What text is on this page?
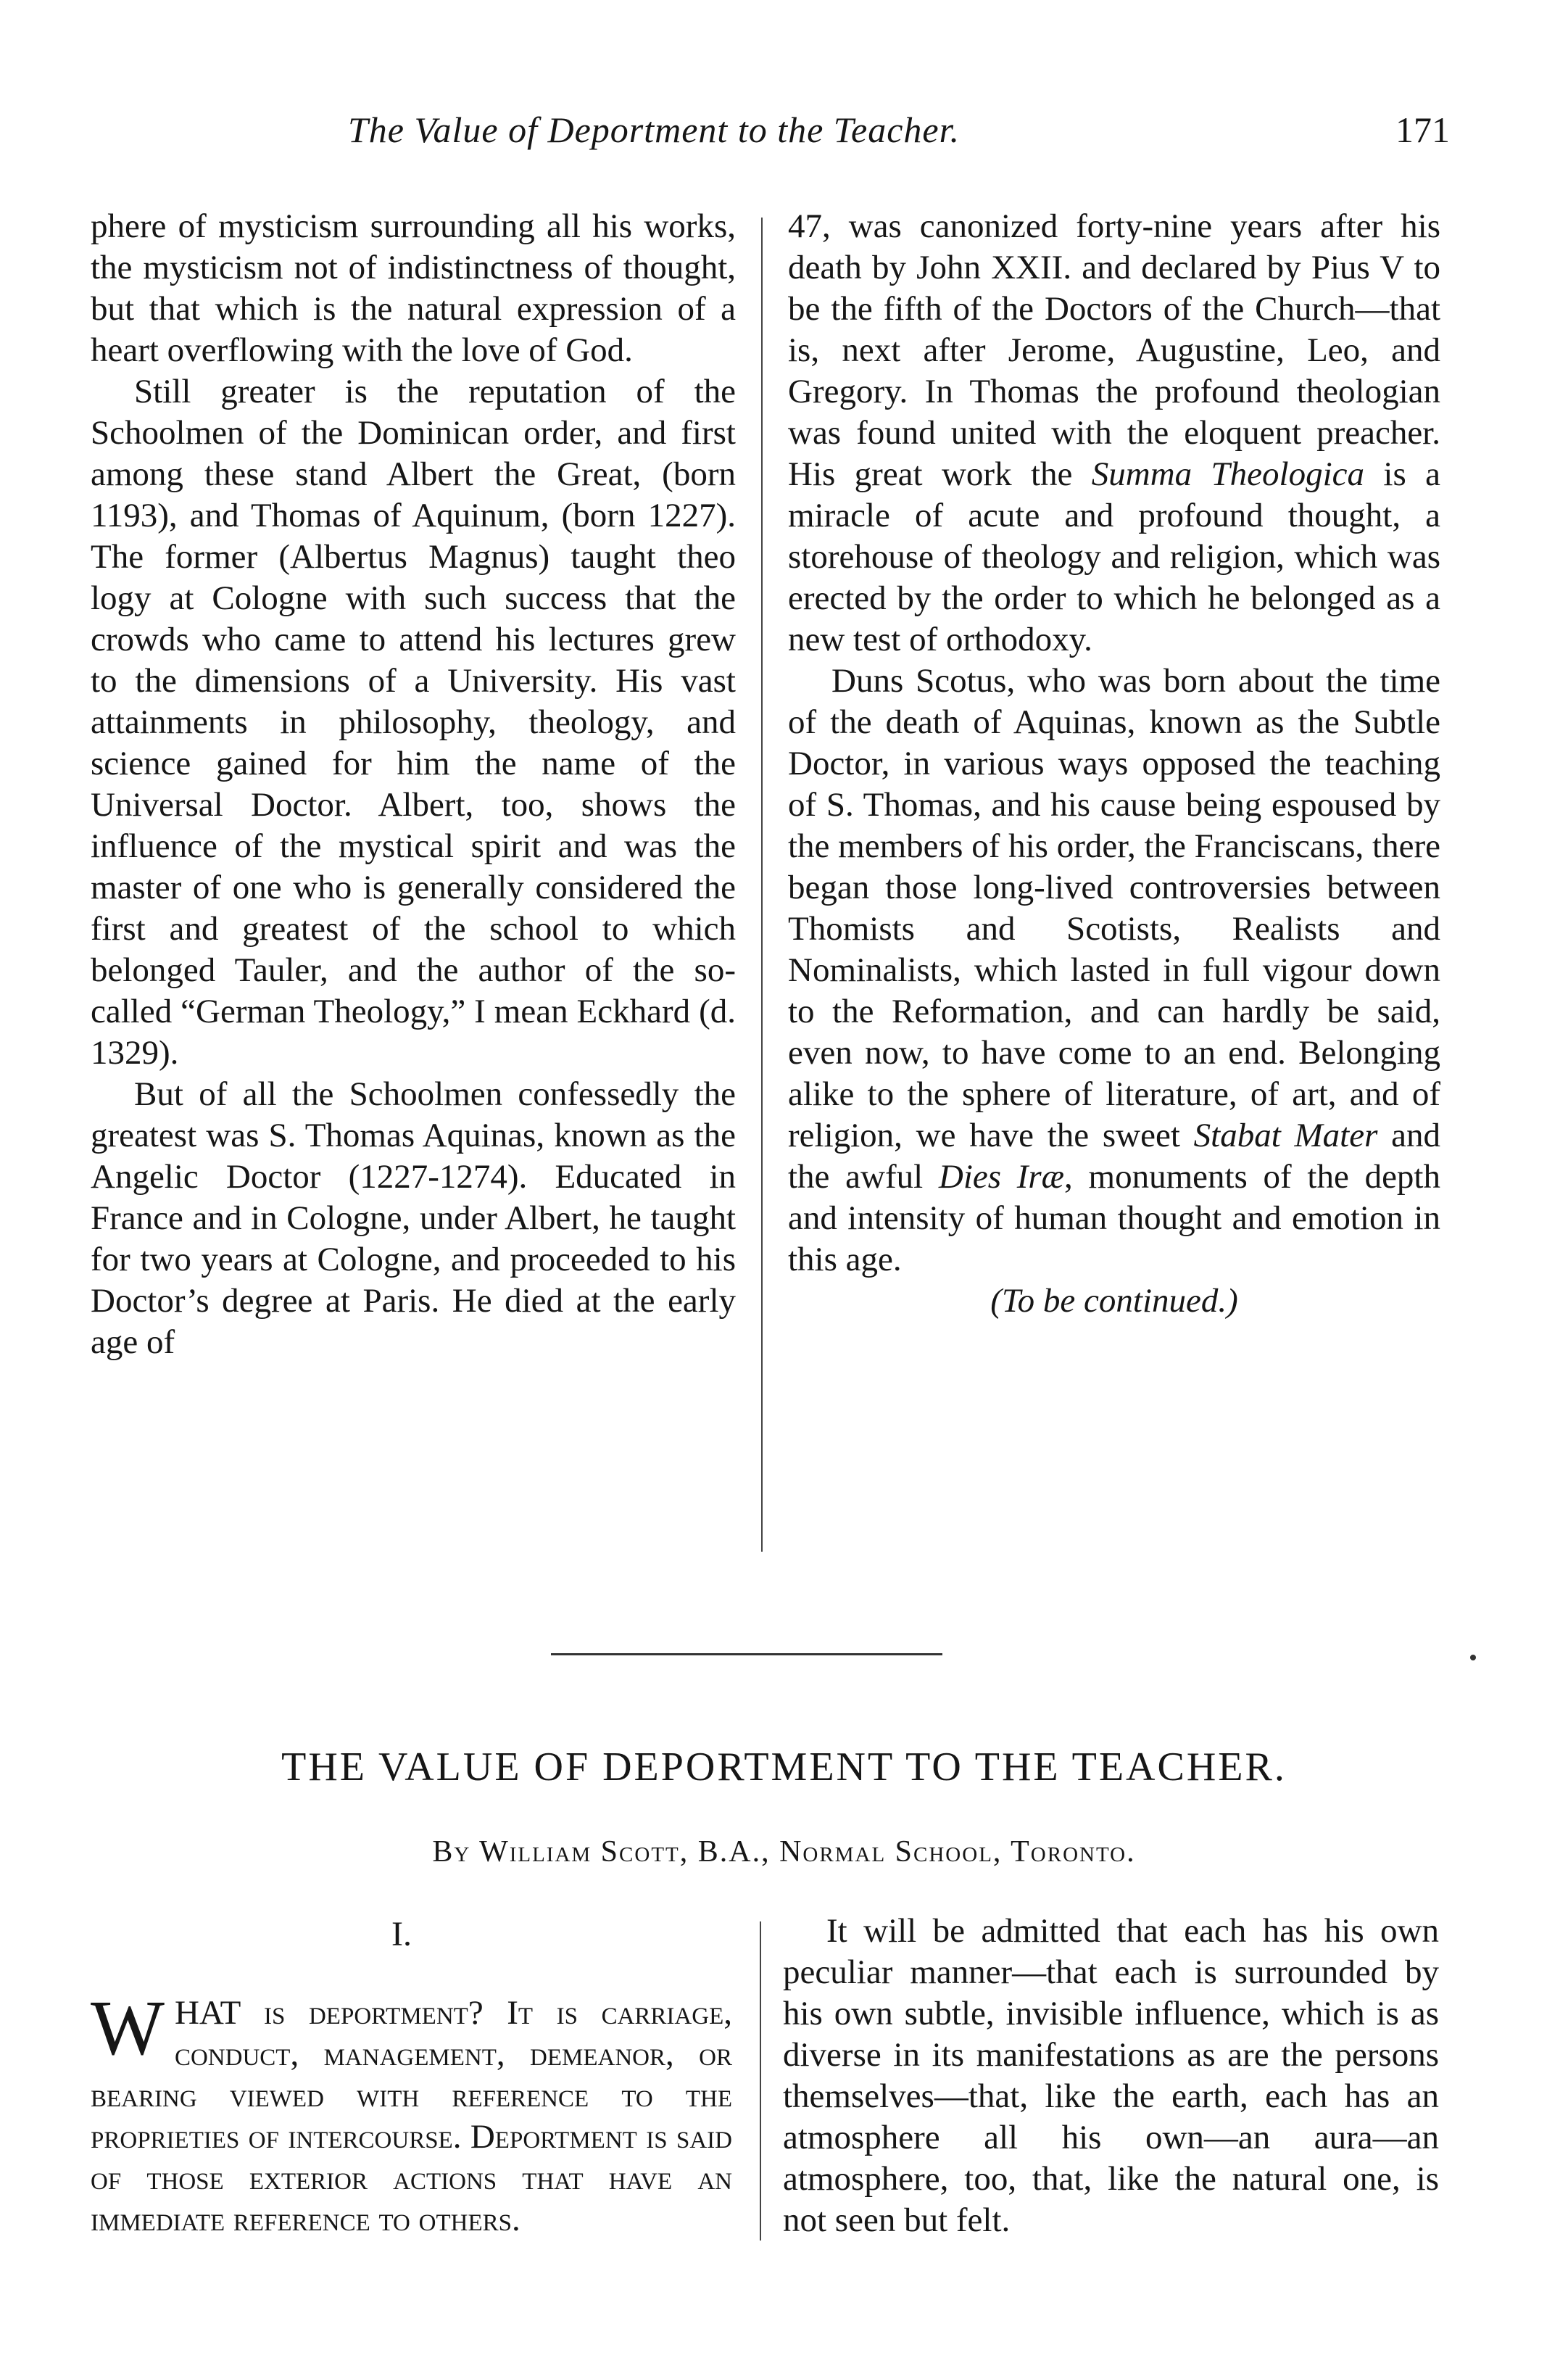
The Value of Deportment to the Teacher.	171

phere of mysticism surrounding all his works, the mysticism not of indistinctness of thought, but that which is the natural expression of a heart overflowing with the love of God.

Still greater is the reputation of the Schoolmen of the Dominican order, and first among these stand Albert the Great, (born 1193), and Thomas of Aquinum, (born 1227). The former (Albertus Magnus) taught theo logy at Cologne with such success that the crowds who came to attend his lectures grew to the dimensions of a University. His vast attainments in philosophy, theology, and science gained for him the name of the Universal Doctor. Albert, too, shows the influence of the mystical spirit and was the master of one who is generally considered the first and greatest of the school to which belonged Tauler, and the author of the so-called “German Theology,” I mean Eckhard (d. 1329).

But of all the Schoolmen confessedly the greatest was S. Thomas Aquinas, known as the Angelic Doctor (1227-1274). Educated in France and in Cologne, under Albert, he taught for two years at Cologne, and proceeded to his Doctor’s degree at Paris. He died at the early age of

47, was canonized forty-nine years after his death by John XXII. and declared by Pius V to be the fifth of the Doctors of the Church—that is, next after Jerome, Augustine, Leo, and Gregory. In Thomas the profound theologian was found united with the eloquent preacher. His great work the Summa Theologica is a miracle of acute and profound thought, a storehouse of theology and religion, which was erected by the order to which he belonged as a new test of orthodoxy.

Duns Scotus, who was born about the time of the death of Aquinas, known as the Subtle Doctor, in various ways opposed the teaching of S. Thomas, and his cause being espoused by the members of his order, the Franciscans, there began those long-lived controversies between Thomists and Scotists, Realists and Nominalists, which lasted in full vigour down to the Reformation, and can hardly be said, even now, to have come to an end. Belonging alike to the sphere of literature, of art, and of religion, we have the sweet Stabat Mater and the awful Dies Iræ, monuments of the depth and intensity of human thought and emotion in this age.

(To be continued.)

THE VALUE OF DEPORTMENT TO THE TEACHER.
By William Scott, B.A., Normal School, Toronto.
I.

WHAT is deportment? It is carriage, conduct, management, demeanor, or bearing viewed with reference to the proprieties of intercourse. Deportment is said of those exterior actions that have an immediate reference to others.

It will be admitted that each has his own peculiar manner—that each is surrounded by his own subtle, invisible influence, which is as diverse in its manifestations as are the persons themselves—that, like the earth, each has an atmosphere all his own—an aura—an atmosphere, too, that, like the natural one, is not seen but felt.
